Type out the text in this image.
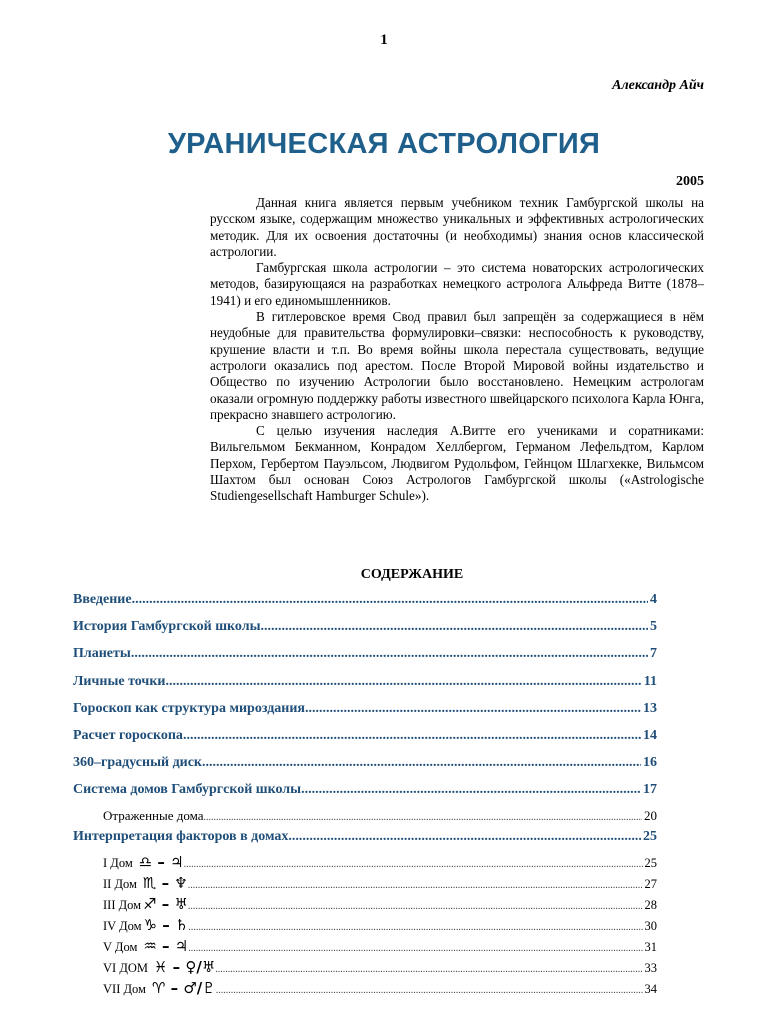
1
Александр Айч
УРАНИЧЕСКАЯ АСТРОЛОГИЯ
2005

Данная книга является первым учебником техник Гамбургской школы на русском языке, содержащим множество уникальных и эффективных астрологических методик. Для их освоения достаточны (и необходимы) знания основ классической астрологии.

Гамбургская школа астрологии – это система новаторских астрологических методов, базирующаяся на разработках немецкого астролога Альфреда Витте (1878–1941) и его единомышленников.

В гитлеровское время Свод правил был запрещён за содержащиеся в нём неудобные для правительства формулировки–связки: неспособность к руководству, крушение власти и т.п. Во время войны школа перестала существовать, ведущие астрологи оказались под арестом. После Второй Мировой войны издательство и Общество по изучению Астрологии было восстановлено. Немецким астрологам оказали огромную поддержку работы известного швейцарского психолога Карла Юнга, прекрасно знавшего астрологию.

С целью изучения наследия А.Витте его учениками и соратниками: Вильгельмом Бекманном, Конрадом Хеллбергом, Германом Лефельдтом, Карлом Перхом, Гербертом Пауэльсом, Людвигом Рудольфом, Гейнцом Шлагхекке, Вильмсом Шахтом был основан Союз Астрологов Гамбургской школы («Astrologische Studiengesellschaft Hamburger Schule»).

СОДЕРЖАНИЕ
Введение .....	4
История Гамбургской школы .....	5
Планеты .....	7
Личные точки .....	11
Гороскоп как структура мироздания .....	13
Расчет гороскопа .....	14
360–градусный диск .....	16
Система домов Гамбургской школы .....	17
Отраженные дома .....	20
Интерпретация факторов в домах .....	25
I Дом ♎ – ♃ .....	25
II Дом ♏ – ♆ .....	27
III Дом ♐ – ♅ .....	28
IV Дом ♑ – ♄ .....	30
V Дом ♒ – ♃ .....	31
VI ДОМ ♓ – ♀/♅ .....	33
VII Дом ♈ – ♂/♇ .....	34
